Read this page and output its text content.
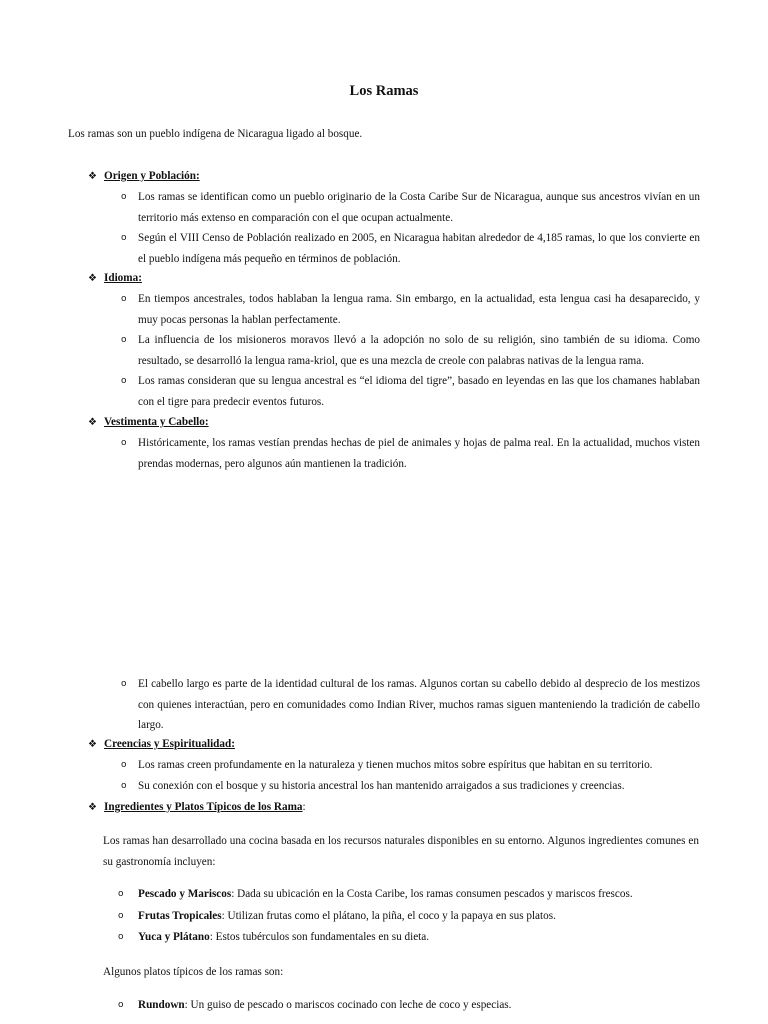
Los Ramas
Los ramas son un pueblo indígena de Nicaragua ligado al bosque.
❖ Origen y Población:
o Los ramas se identifican como un pueblo originario de la Costa Caribe Sur de Nicaragua, aunque sus ancestros vivían en un territorio más extenso en comparación con el que ocupan actualmente.
o Según el VIII Censo de Población realizado en 2005, en Nicaragua habitan alrededor de 4,185 ramas, lo que los convierte en el pueblo indígena más pequeño en términos de población.
❖ Idioma:
o En tiempos ancestrales, todos hablaban la lengua rama. Sin embargo, en la actualidad, esta lengua casi ha desaparecido, y muy pocas personas la hablan perfectamente.
o La influencia de los misioneros moravos llevó a la adopción no solo de su religión, sino también de su idioma. Como resultado, se desarrolló la lengua rama-kriol, que es una mezcla de creole con palabras nativas de la lengua rama.
o Los ramas consideran que su lengua ancestral es “el idioma del tigre”, basado en leyendas en las que los chamanes hablaban con el tigre para predecir eventos futuros.
❖ Vestimenta y Cabello:
o Históricamente, los ramas vestían prendas hechas de piel de animales y hojas de palma real. En la actualidad, muchos visten prendas modernas, pero algunos aún mantienen la tradición.
o El cabello largo es parte de la identidad cultural de los ramas. Algunos cortan su cabello debido al desprecio de los mestizos con quienes interactúan, pero en comunidades como Indian River, muchos ramas siguen manteniendo la tradición de cabello largo.
❖ Creencias y Espiritualidad:
o Los ramas creen profundamente en la naturaleza y tienen muchos mitos sobre espíritus que habitan en su territorio.
o Su conexión con el bosque y su historia ancestral los han mantenido arraigados a sus tradiciones y creencias.
❖ Ingredientes y Platos Típicos de los Rama :
Los ramas han desarrollado una cocina basada en los recursos naturales disponibles en su entorno. Algunos ingredientes comunes en su gastronomía incluyen:
o Pescado y Mariscos: Dada su ubicación en la Costa Caribe, los ramas consumen pescados y mariscos frescos.
o Frutas Tropicales: Utilizan frutas como el plátano, la piña, el coco y la papaya en sus platos.
o Yuca y Plátano: Estos tubérculos son fundamentales en su dieta.
Algunos platos típicos de los ramas son:
o Rundown: Un guiso de pescado o mariscos cocinado con leche de coco y especias.
